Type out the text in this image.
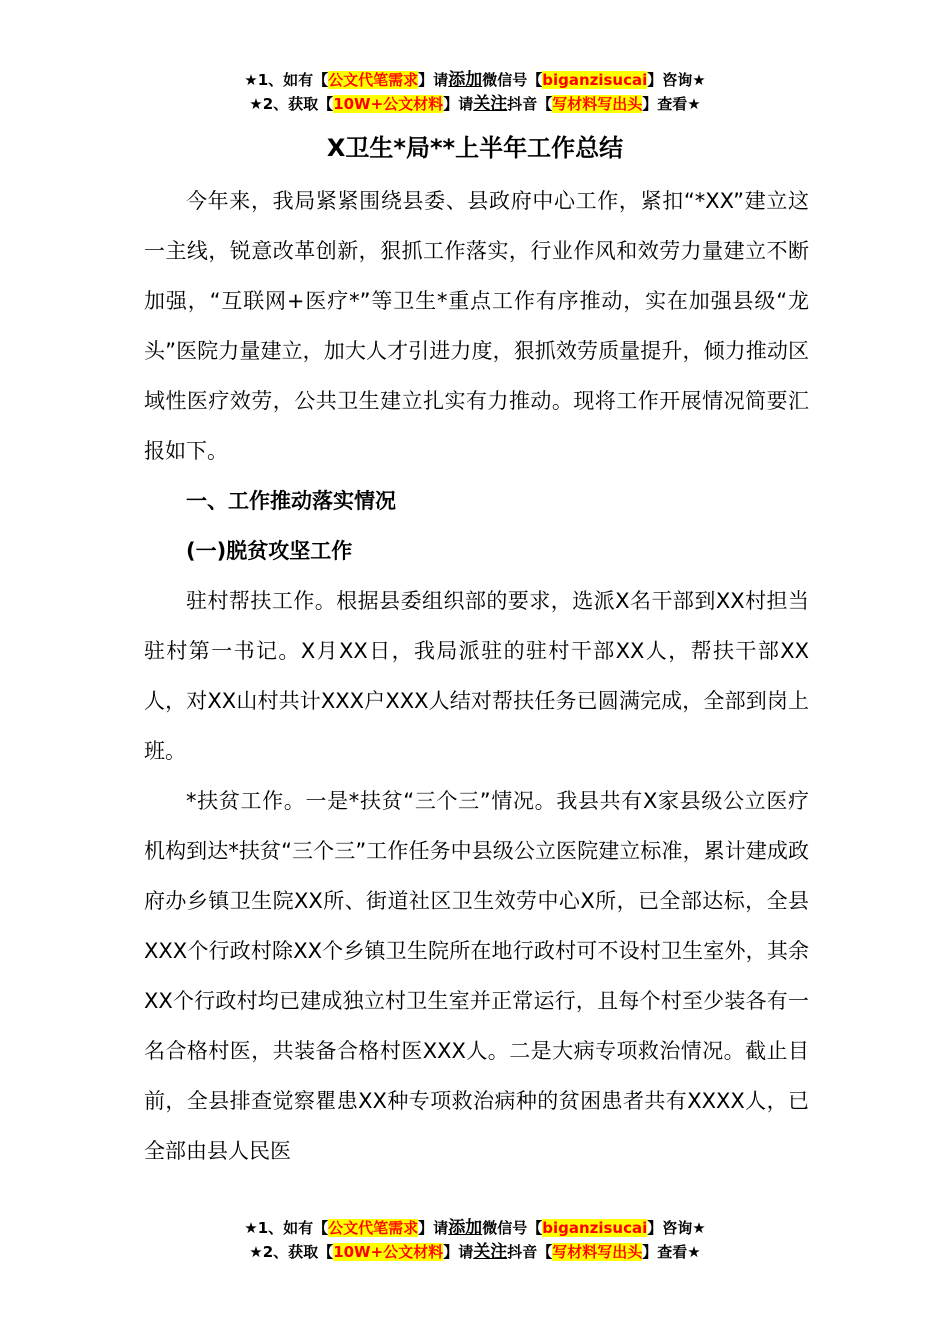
★1、如有【公文代笔需求】请添加微信号【biganzisucai】咨询★
★2、获取【10W+公文材料】请关注抖音【写材料写出头】查看★
X卫生*局**上半年工作总结

今年来，我局紧紧围绕县委、县政府中心工作，紧扣“*XX”建立这一主线，锐意改革创新，狠抓工作落实，行业作风和效劳力量建立不断加强，“互联网+医疗*”等卫生*重点工作有序推动，实在加强县级“龙头”医院力量建立，加大人才引进力度，狠抓效劳质量提升，倾力推动区域性医疗效劳，公共卫生建立扎实有力推动。现将工作开展情况简要汇报如下。

一、工作推动落实情况

(一)脱贫攻坚工作

驻村帮扶工作。根据县委组织部的要求，选派X名干部到XX村担当驻村第一书记。X月XX日，我局派驻的驻村干部XX人，帮扶干部XX人，对XX山村共计XXX户XXX人结对帮扶任务已圆满完成，全部到岗上班。

*扶贫工作。一是*扶贫“三个三”情况。我县共有X家县级公立医疗机构到达*扶贫“三个三”工作任务中县级公立医院建立标准，累计建成政府办乡镇卫生院XX所、街道社区卫生效劳中心X所，已全部达标，全县XXX个行政村除XX个乡镇卫生院所在地行政村可不设村卫生室外，其余XX个行政村均已建成独立村卫生室并正常运行，且每个村至少装各有一名合格村医，共装备合格村医XXX人。二是大病专项救治情况。截止目前，全县排查觉察瞿患XX种专项救治病种的贫困患者共有XXXX人，已全部由县人民医

★1、如有【公文代笔需求】请添加微信号【biganzisucai】咨询★
★2、获取【10W+公文材料】请关注抖音【写材料写出头】查看★
